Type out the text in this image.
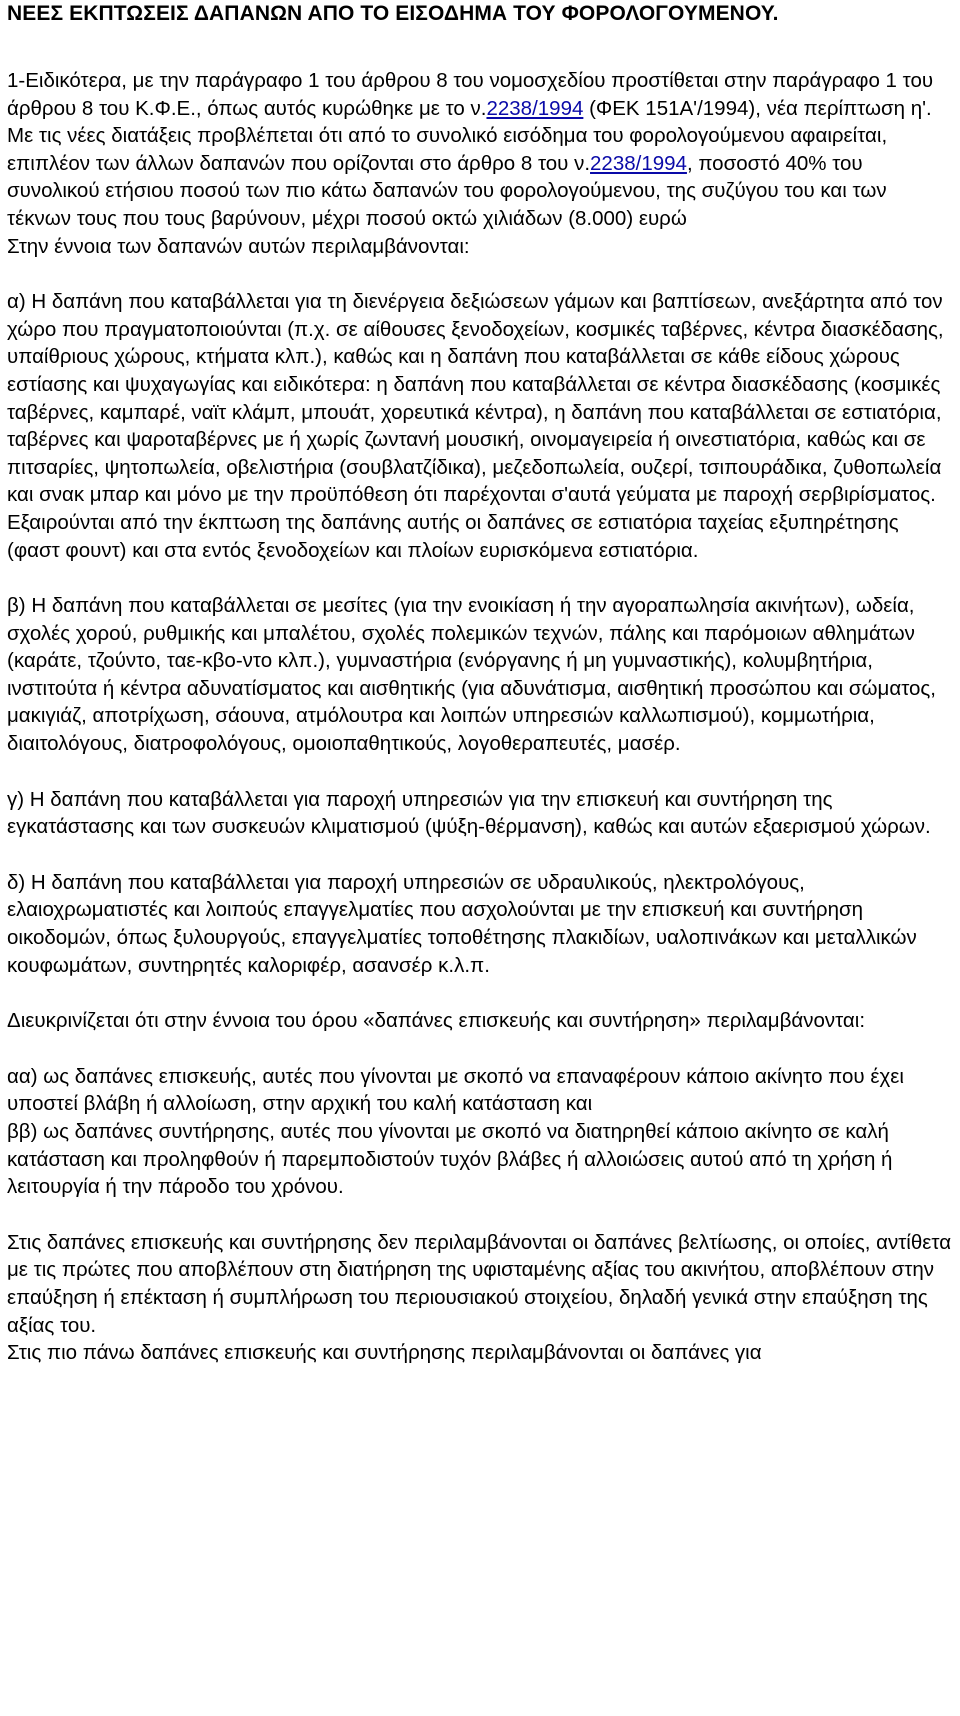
ΝΕΕΣ ΕΚΠΤΩΣΕΙΣ ΔΑΠΑΝΩΝ ΑΠΟ ΤΟ ΕΙΣΟΔΗΜΑ ΤΟΥ ΦΟΡΟΛΟΓΟΥΜΕΝΟΥ.

1-Ειδικότερα, με την παράγραφο 1 του άρθρου 8 του νομοσχεδίου προστίθεται στην παράγραφο 1 του άρθρου 8 του Κ.Φ.Ε., όπως αυτός κυρώθηκε με το ν.2238/1994 (ΦΕΚ 151Α'/1994), νέα περίπτωση η'. Με τις νέες διατάξεις προβλέπεται ότι από το συνολικό εισόδημα του φορολογούμενου αφαιρείται, επιπλέον των άλλων δαπανών που ορίζονται στο άρθρο 8 του ν.2238/1994, ποσοστό 40% του συνολικού ετήσιου ποσού των πιο κάτω δαπανών του φορολογούμενου, της συζύγου του και των τέκνων τους που τους βαρύνουν, μέχρι ποσού οκτώ χιλιάδων (8.000) ευρώ

Στην έννοια των δαπανών αυτών περιλαμβάνονται:

α) Η δαπάνη που καταβάλλεται για τη διενέργεια δεξιώσεων γάμων και βαπτίσεων, ανεξάρτητα από τον χώρο που πραγματοποιούνται (π.χ. σε αίθουσες ξενοδοχείων, κοσμικές ταβέρνες, κέντρα διασκέδασης, υπαίθριους χώρους, κτήματα κλπ.), καθώς και η δαπάνη που καταβάλλεται σε κάθε είδους χώρους εστίασης και ψυχαγωγίας και ειδικότερα: η δαπάνη που καταβάλλεται σε κέντρα διασκέδασης (κοσμικές ταβέρνες, καμπαρέ, ναϊτ κλάμπ, μπουάτ, χορευτικά κέντρα), η δαπάνη που καταβάλλεται σε εστιατόρια, ταβέρνες και ψαροταβέρνες με ή χωρίς ζωντανή μουσική, οινομαγειρεία ή οινεστιατόρια, καθώς και σε πιτσαρίες, ψητοπωλεία, οβελιστήρια (σουβλατζίδικα), μεζεδοπωλεία, ουζερί, τσιπουράδικα, ζυθοπωλεία και σνακ μπαρ και μόνο με την προϋπόθεση ότι παρέχονται σ'αυτά γεύματα με παροχή σερβιρίσματος. Εξαιρούνται από την έκπτωση της δαπάνης αυτής οι δαπάνες σε εστιατόρια ταχείας εξυπηρέτησης (φαστ φουντ) και στα εντός ξενοδοχείων και πλοίων ευρισκόμενα εστιατόρια.

β) Η δαπάνη που καταβάλλεται σε μεσίτες (για την ενοικίαση ή την αγοραπωλησία ακινήτων), ωδεία, σχολές χορού, ρυθμικής και μπαλέτου, σχολές πολεμικών τεχνών, πάλης και παρόμοιων αθλημάτων (καράτε, τζούντο, ταε-κβο-ντο κλπ.), γυμναστήρια (ενόργανης ή μη γυμναστικής), κολυμβητήρια, ινστιτούτα ή κέντρα αδυνατίσματος και αισθητικής (για αδυνάτισμα, αισθητική προσώπου και σώματος, μακιγιάζ, αποτρίχωση, σάουνα, ατμόλουτρα και λοιπών υπηρεσιών καλλωπισμού), κομμωτήρια, διαιτολόγους, διατροφολόγους, ομοιοπαθητικούς, λογοθεραπευτές, μασέρ.

γ) Η δαπάνη που καταβάλλεται για παροχή υπηρεσιών για την επισκευή και συντήρηση της εγκατάστασης και των συσκευών κλιματισμού (ψύξη-θέρμανση), καθώς και αυτών εξαερισμού χώρων.

δ) Η δαπάνη που καταβάλλεται για παροχή υπηρεσιών σε υδραυλικούς, ηλεκτρολόγους, ελαιοχρωματιστές και λοιπούς επαγγελματίες που ασχολούνται με την επισκευή και συντήρηση οικοδομών, όπως ξυλουργούς, επαγγελματίες τοποθέτησης πλακιδίων, υαλοπινάκων και μεταλλικών κουφωμάτων, συντηρητές καλοριφέρ, ασανσέρ κ.λ.π.

Διευκρινίζεται ότι στην έννοια του όρου «δαπάνες επισκευής και συντήρηση» περιλαμβάνονται:

αα) ως δαπάνες επισκευής, αυτές που γίνονται με σκοπό να επαναφέρουν κάποιο ακίνητο που έχει υποστεί βλάβη ή αλλοίωση, στην αρχική του καλή κατάσταση και

ββ) ως δαπάνες συντήρησης, αυτές που γίνονται με σκοπό να διατηρηθεί κάποιο ακίνητο σε καλή κατάσταση και προληφθούν ή παρεμποδιστούν τυχόν βλάβες ή αλλοιώσεις αυτού από τη χρήση ή λειτουργία ή την πάροδο του χρόνου.

Στις δαπάνες επισκευής και συντήρησης δεν περιλαμβάνονται οι δαπάνες βελτίωσης, οι οποίες, αντίθετα με τις πρώτες που αποβλέπουν στη διατήρηση της υφισταμένης αξίας του ακινήτου, αποβλέπουν στην επαύξηση ή επέκταση ή συμπλήρωση του περιουσιακού στοιχείου, δηλαδή γενικά στην επαύξηση της αξίας του.

Στις πιο πάνω δαπάνες επισκευής και συντήρησης περιλαμβάνονται οι δαπάνες για
